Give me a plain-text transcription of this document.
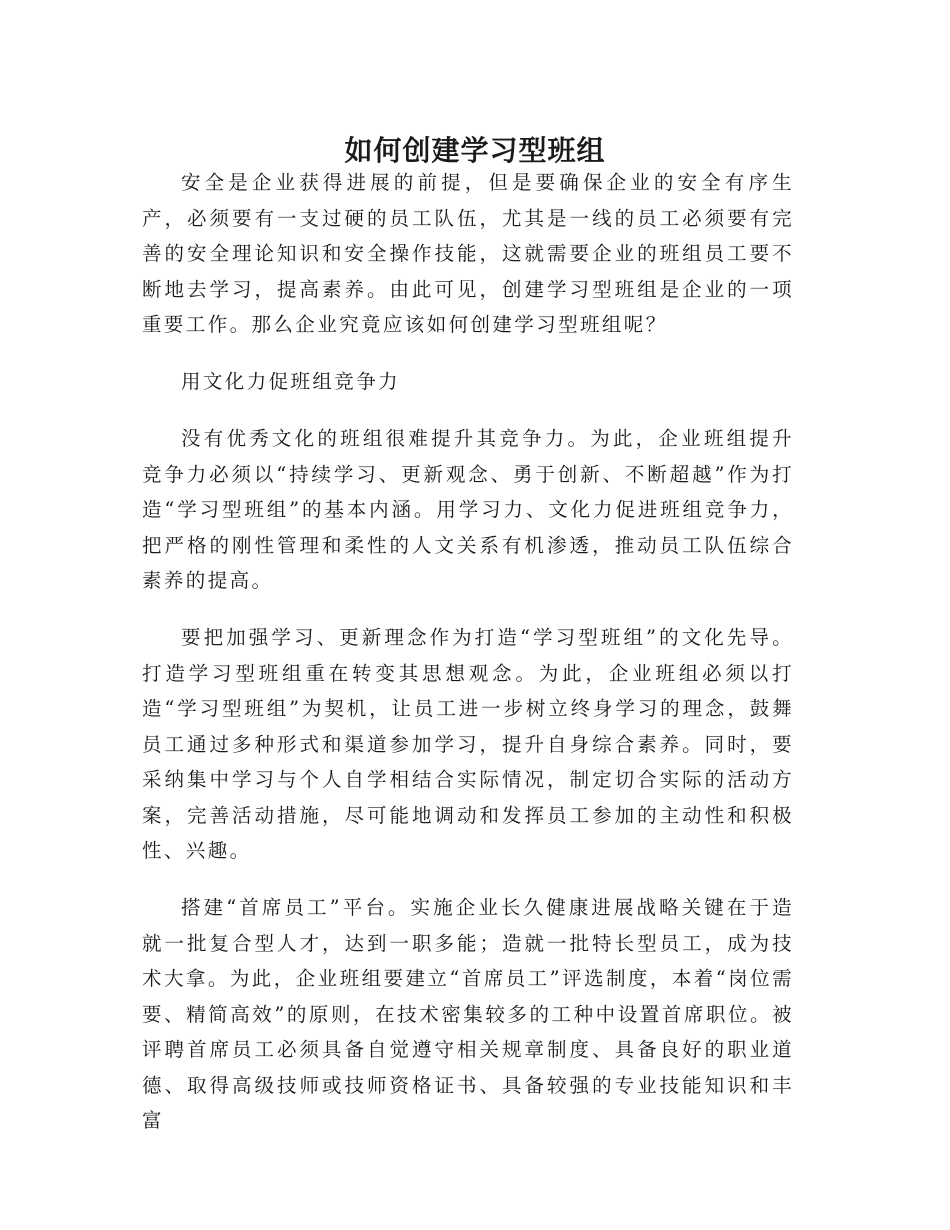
如何创建学习型班组

安全是企业获得进展的前提，但是要确保企业的安全有序生产，必须要有一支过硬的员工队伍，尤其是一线的员工必须要有完善的安全理论知识和安全操作技能，这就需要企业的班组员工要不断地去学习，提高素养。由此可见，创建学习型班组是企业的一项重要工作。那么企业究竟应该如何创建学习型班组呢？

用文化力促班组竞争力

没有优秀文化的班组很难提升其竞争力。为此，企业班组提升竞争力必须以“持续学习、更新观念、勇于创新、不断超越”作为打造“学习型班组”的基本内涵。用学习力、文化力促进班组竞争力，把严格的刚性管理和柔性的人文关系有机渗透，推动员工队伍综合素养的提高。

要把加强学习、更新理念作为打造“学习型班组”的文化先导。打造学习型班组重在转变其思想观念。为此，企业班组必须以打造“学习型班组”为契机，让员工进一步树立终身学习的理念，鼓舞员工通过多种形式和渠道参加学习，提升自身综合素养。同时，要采纳集中学习与个人自学相结合实际情况，制定切合实际的活动方案，完善活动措施，尽可能地调动和发挥员工参加的主动性和积极性、兴趣。

搭建“首席员工”平台。实施企业长久健康进展战略关键在于造就一批复合型人才，达到一职多能；造就一批特长型员工，成为技术大拿。为此，企业班组要建立“首席员工”评选制度，本着“岗位需要、精简高效”的原则，在技术密集较多的工种中设置首席职位。被评聘首席员工必须具备自觉遵守相关规章制度、具备良好的职业道德、取得高级技师或技师资格证书、具备较强的专业技能知识和丰富
